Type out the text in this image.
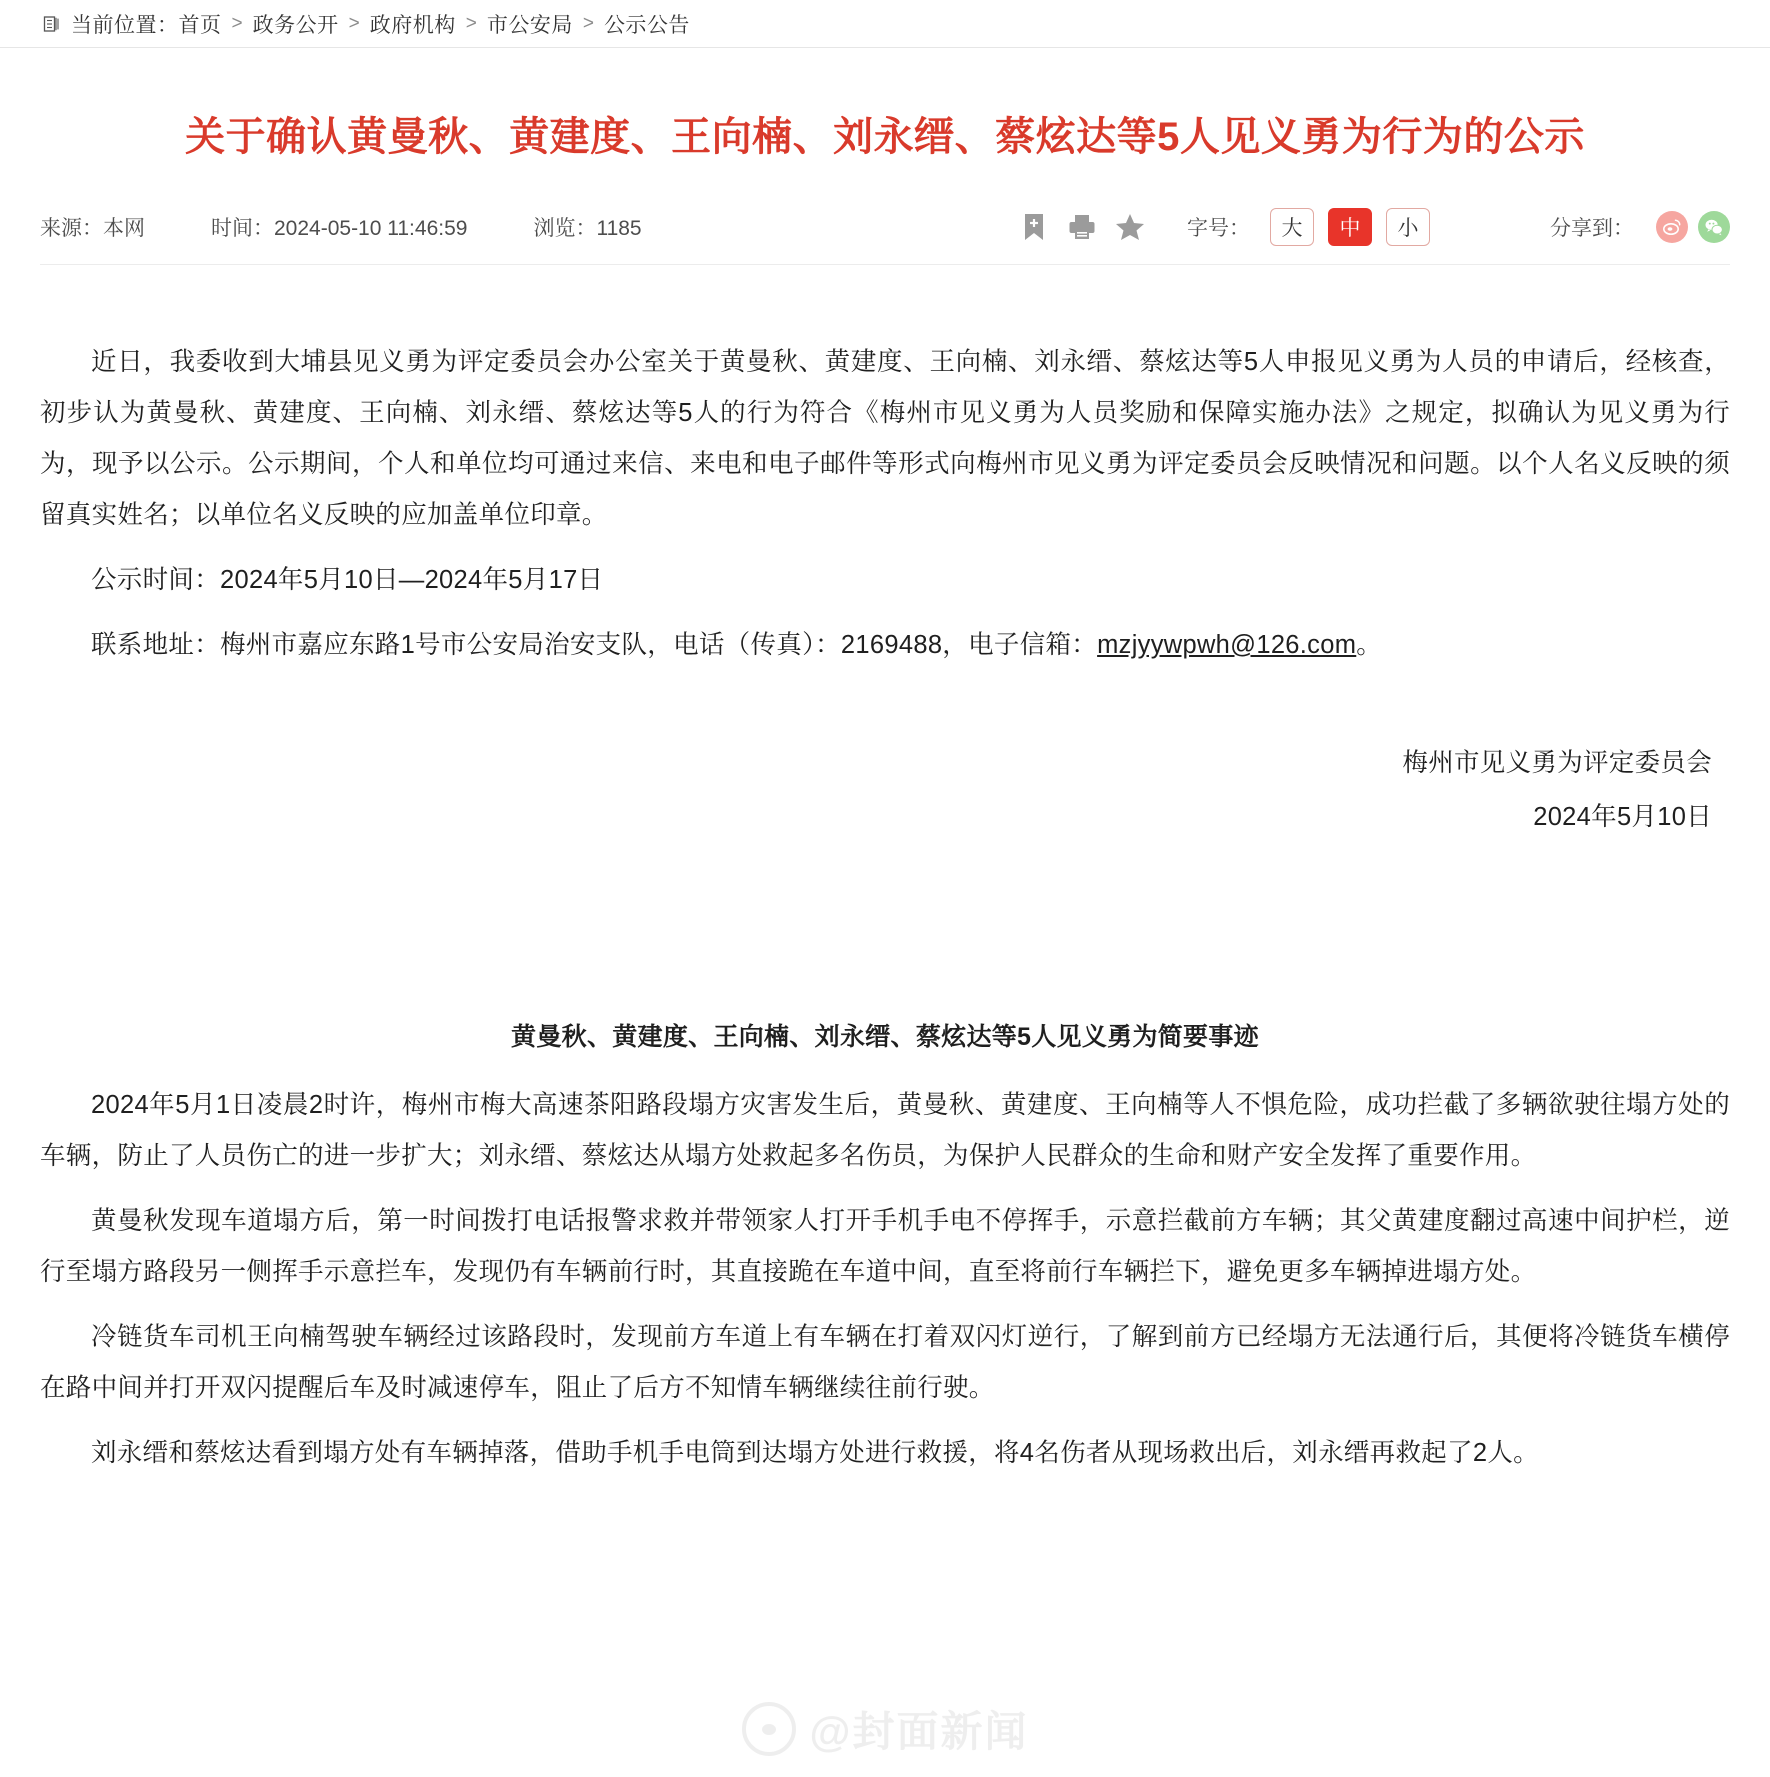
当前位置： 首页 > 政务公开 > 政府机构 > 市公安局 > 公示公告
关于确认黄曼秋、黄建度、王向楠、刘永缙、蔡炫达等5人见义勇为行为的公示
来源：本网	时间：2024-05-10 11:46:59	浏览：1185	字号：	大	中	小	分享到：

近日，我委收到大埔县见义勇为评定委员会办公室关于黄曼秋、黄建度、王向楠、刘永缙、蔡炫达等5人申报见义勇为人员的申请后，经核查，初步认为黄曼秋、黄建度、王向楠、刘永缙、蔡炫达等5人的行为符合《梅州市见义勇为人员奖励和保障实施办法》之规定，拟确认为见义勇为行为，现予以公示。公示期间，个人和单位均可通过来信、来电和电子邮件等形式向梅州市见义勇为评定委员会反映情况和问题。以个人名义反映的须留真实姓名；以单位名义反映的应加盖单位印章。

公示时间：2024年5月10日—2024年5月17日

联系地址：梅州市嘉应东路1号市公安局治安支队，电话（传真）：2169488，电子信箱：mzjyywpwh@126.com。

梅州市见义勇为评定委员会
2024年5月10日
黄曼秋、黄建度、王向楠、刘永缙、蔡炫达等5人见义勇为简要事迹

2024年5月1日凌晨2时许，梅州市梅大高速茶阳路段塌方灾害发生后，黄曼秋、黄建度、王向楠等人不惧危险，成功拦截了多辆欲驶往塌方处的车辆，防止了人员伤亡的进一步扩大；刘永缙、蔡炫达从塌方处救起多名伤员，为保护人民群众的生命和财产安全发挥了重要作用。

黄曼秋发现车道塌方后，第一时间拨打电话报警求救并带领家人打开手机手电不停挥手，示意拦截前方车辆；其父黄建度翻过高速中间护栏，逆行至塌方路段另一侧挥手示意拦车，发现仍有车辆前行时，其直接跪在车道中间，直至将前行车辆拦下，避免更多车辆掉进塌方处。

冷链货车司机王向楠驾驶车辆经过该路段时，发现前方车道上有车辆在打着双闪灯逆行，了解到前方已经塌方无法通行后，其便将冷链货车横停在路中间并打开双闪提醒后车及时减速停车，阻止了后方不知情车辆继续往前行驶。

刘永缙和蔡炫达看到塌方处有车辆掉落，借助手机手电筒到达塌方处进行救援，将4名伤者从现场救出后，刘永缙再救起了2人。

@封面新闻
